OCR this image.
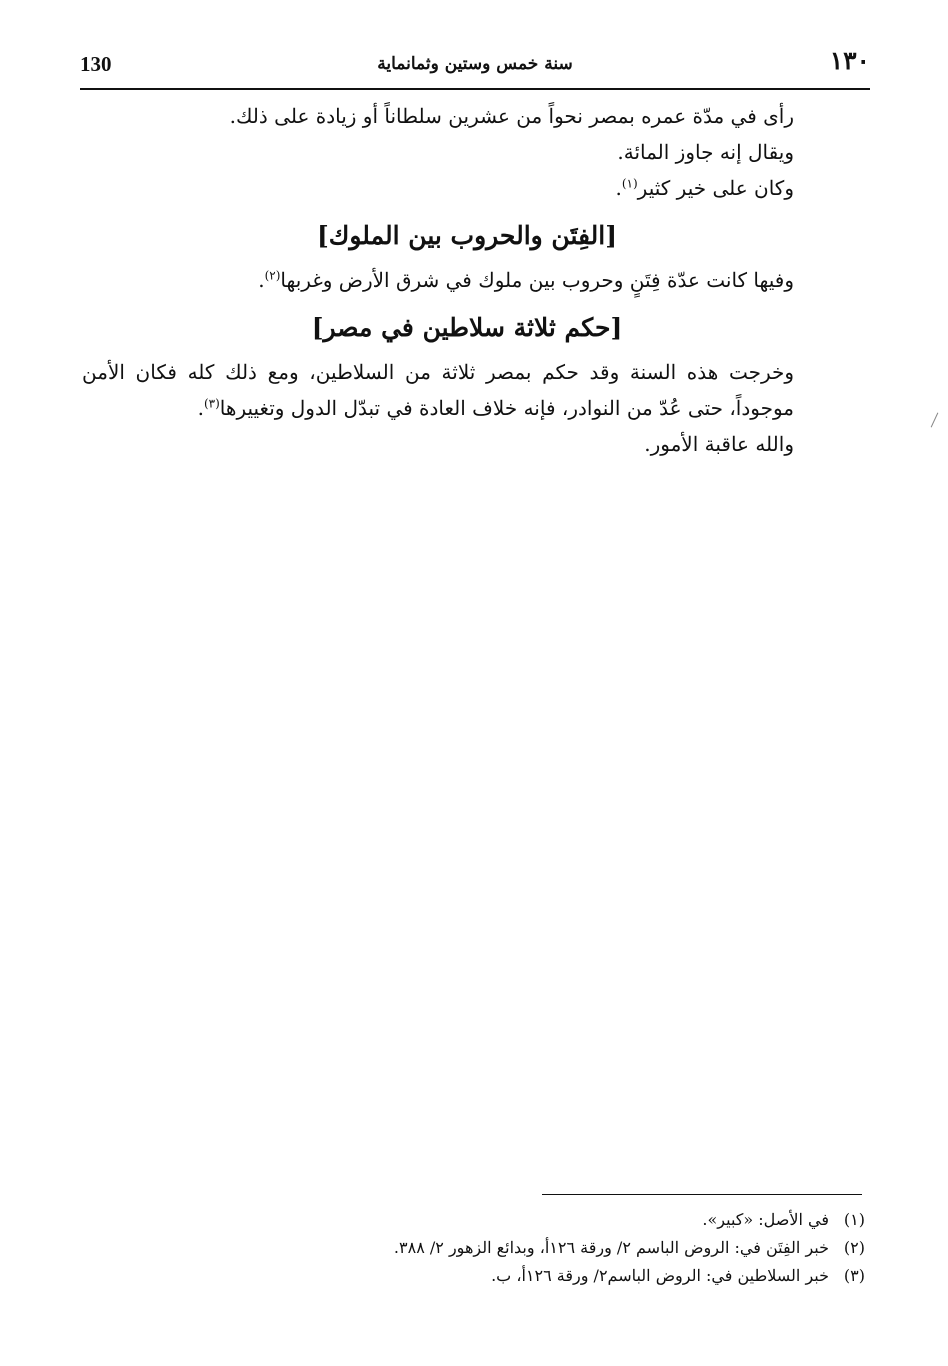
130	سنة خمس وستين وثمانماية	١٣٠

رأى في مدّة عمره بمصر نحواً من عشرين سلطاناً أو زيادة على ذلك.

ويقال إنه جاوز المائة.

وكان على خير كثير$^{(١)}$.

[الفِتَن والحروب بين الملوك]

وفيها كانت عدّة فِتَنٍ وحروب بين ملوك في شرق الأرض وغربها$^{(٢)}$.

[حكم ثلاثة سلاطين في مصر]

وخرجت هذه السنة وقد حكم بمصر ثلاثة من السلاطين، ومع ذلك كله فكان الأمن موجوداً، حتى عُدّ من النوادر، فإنه خلاف العادة في تبدّل الدول وتغييرها$^{(٣)}$.

والله عاقبة الأمور.

(١)في الأصل: «كبير».

(٢)خبر الفِتَن في: الروض الباسم ٢/ ورقة ١٢٦أ، وبدائع الزهور ٢/ ٣٨٨.

(٣)خبر السلاطين في: الروض الباسم٢/ ورقة ١٢٦أ، ب.
